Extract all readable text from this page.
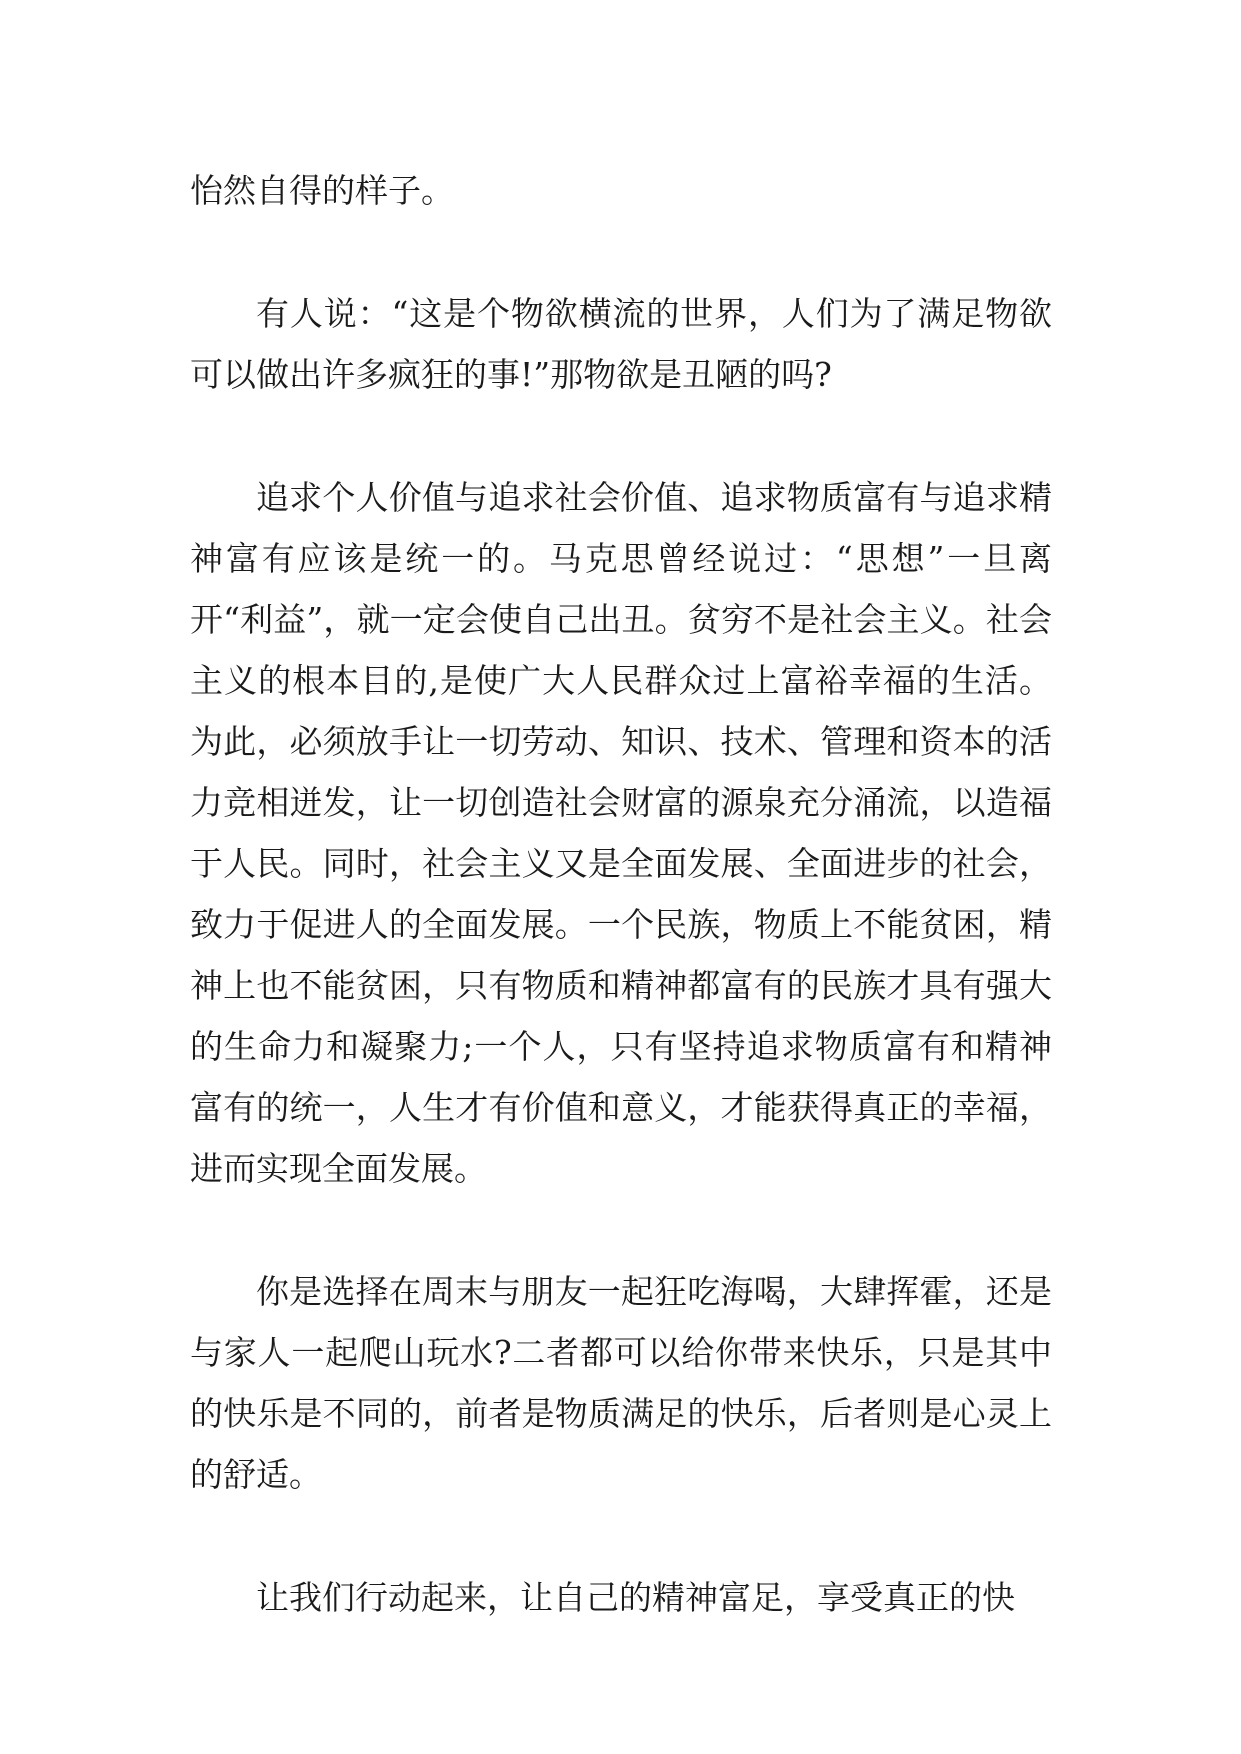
怡然自得的样子。

有人说：“这是个物欲横流的世界，人们为了满足物欲可以做出许多疯狂的事!”那物欲是丑陋的吗?

追求个人价值与追求社会价值、追求物质富有与追求精神富有应该是统一的。马克思曾经说过：“思想”一旦离开“利益”，就一定会使自己出丑。贫穷不是社会主义。社会主义的根本目的,是使广大人民群众过上富裕幸福的生活。为此，必须放手让一切劳动、知识、技术、管理和资本的活力竞相迸发，让一切创造社会财富的源泉充分涌流，以造福于人民。同时，社会主义又是全面发展、全面进步的社会，致力于促进人的全面发展。一个民族，物质上不能贫困，精神上也不能贫困，只有物质和精神都富有的民族才具有强大的生命力和凝聚力;一个人，只有坚持追求物质富有和精神富有的统一，人生才有价值和意义，才能获得真正的幸福，进而实现全面发展。

你是选择在周末与朋友一起狂吃海喝，大肆挥霍，还是与家人一起爬山玩水?二者都可以给你带来快乐，只是其中的快乐是不同的，前者是物质满足的快乐，后者则是心灵上的舒适。

让我们行动起来，让自己的精神富足，享受真正的快
